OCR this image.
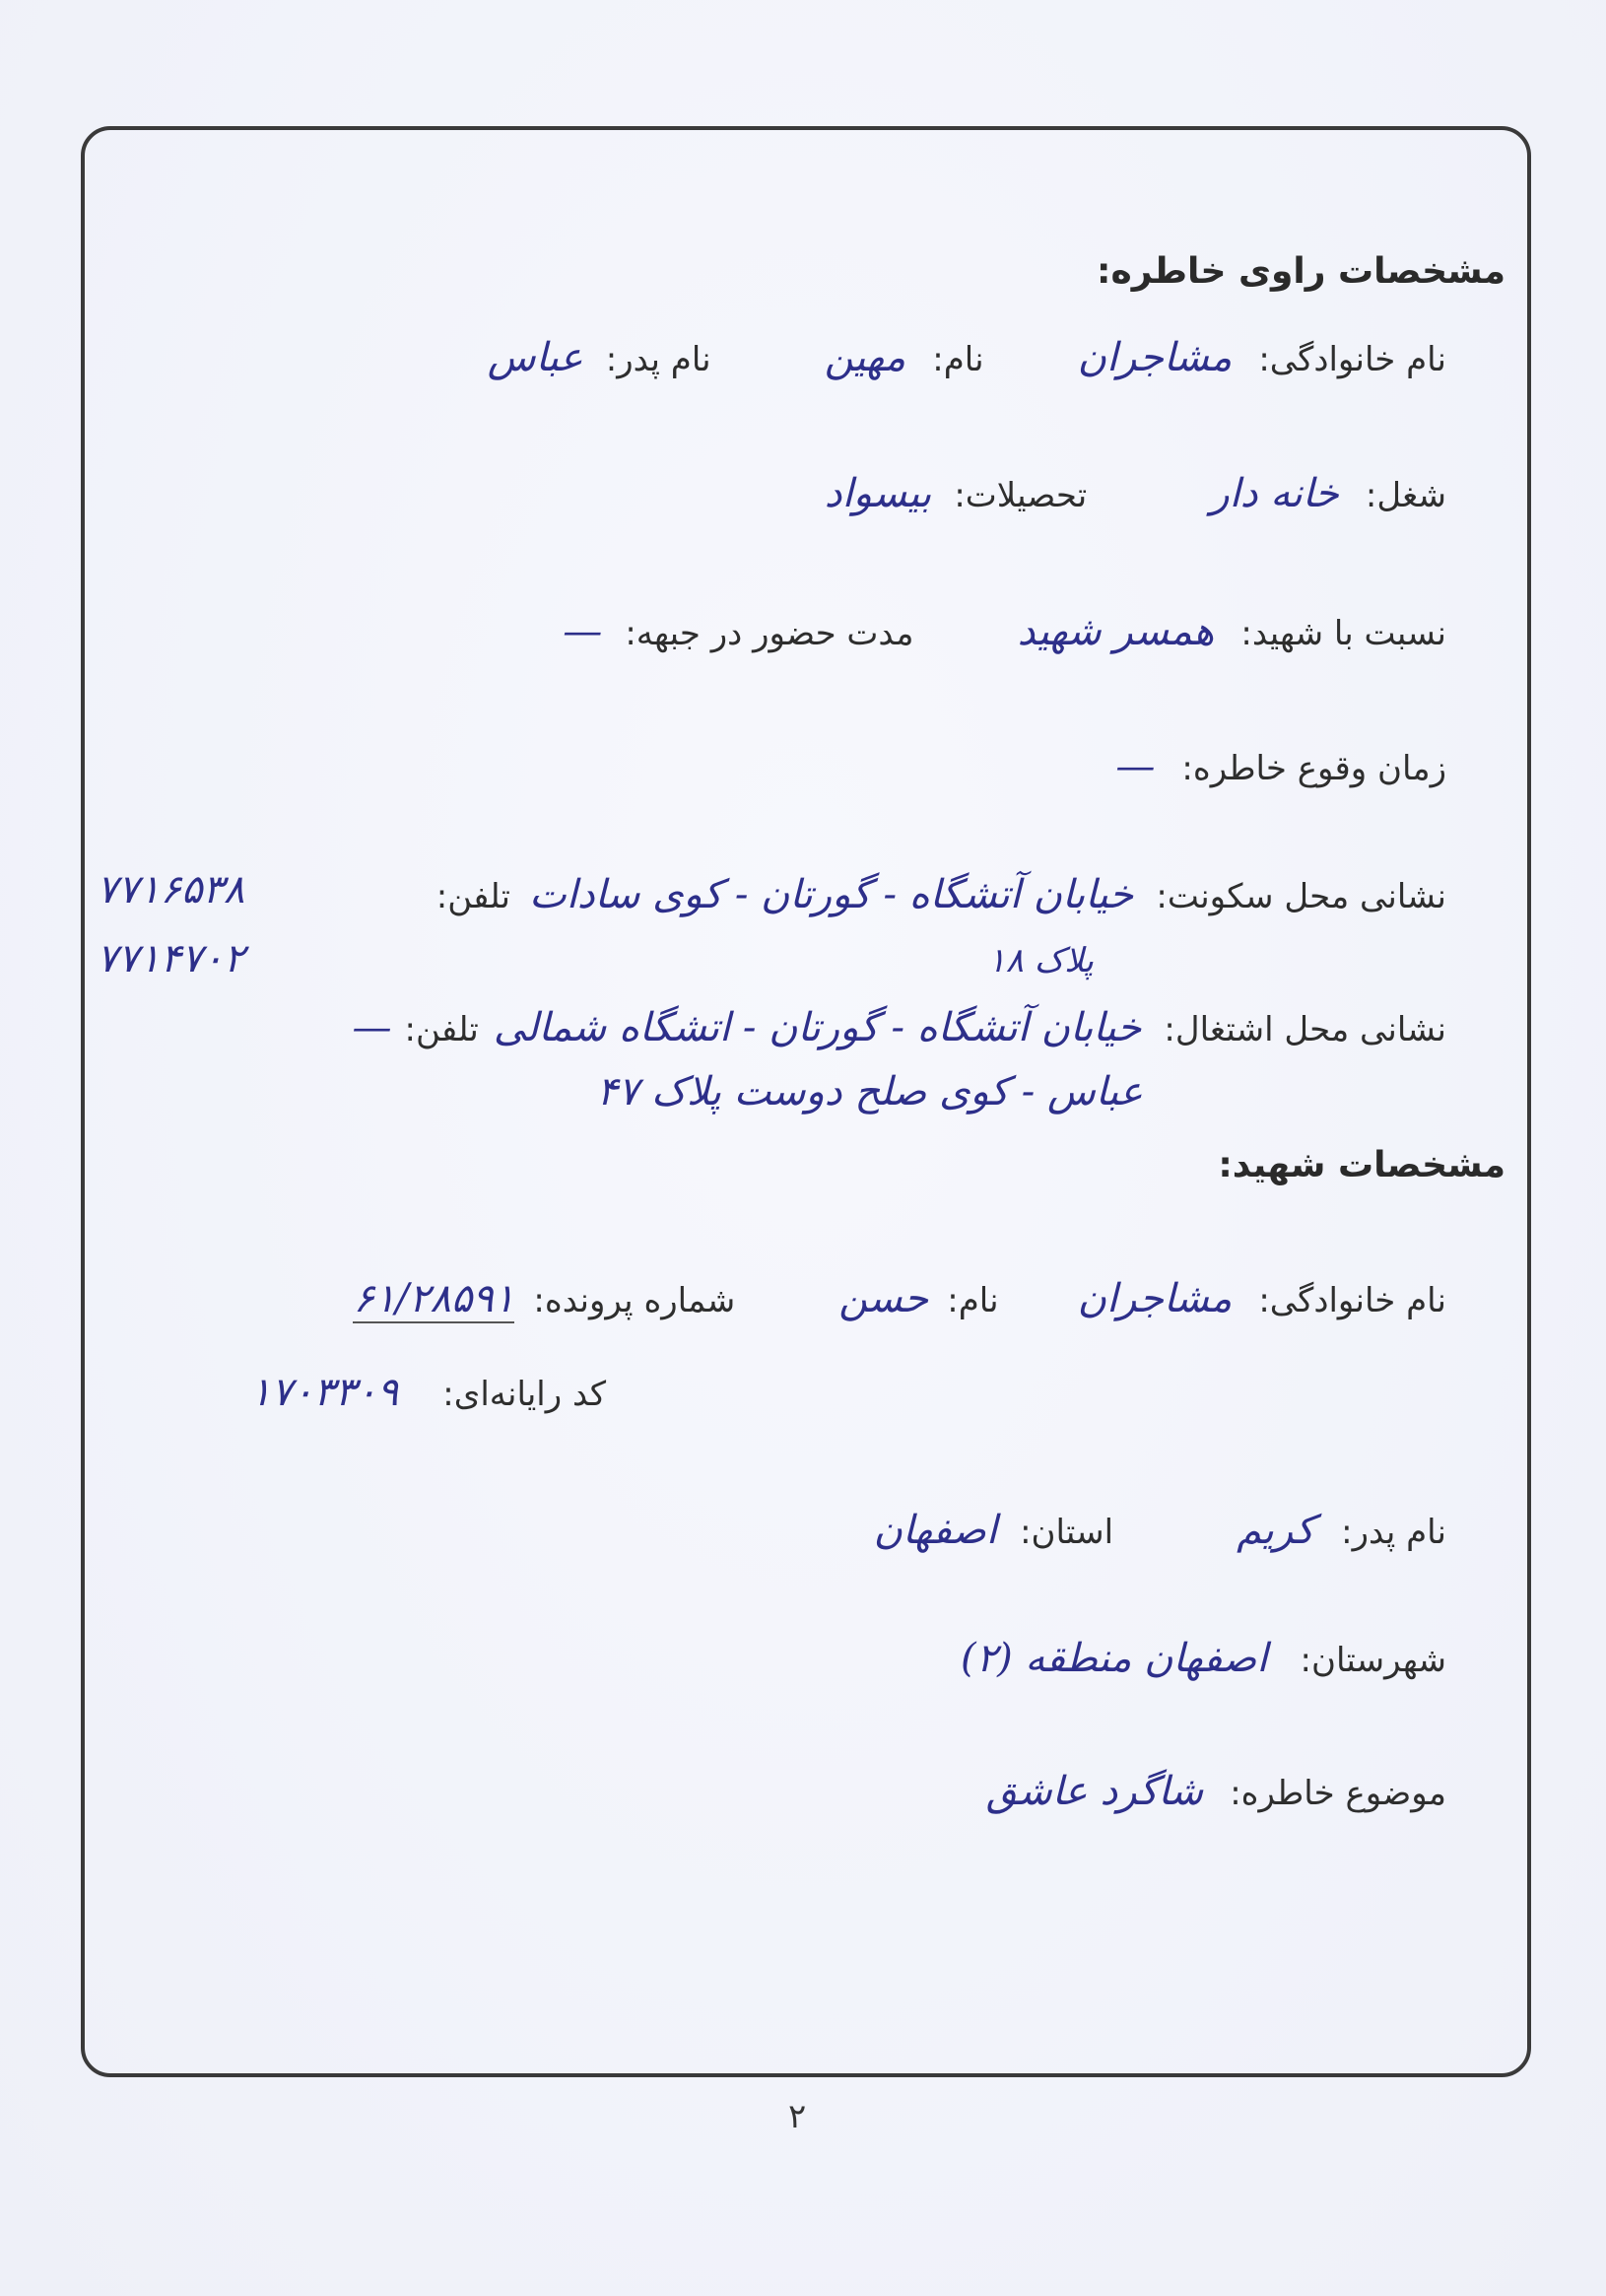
مشخصات راوی خاطره:
نام خانوادگی: مشاجران نام: مهین نام پدر: عباس
شغل: خانه دار تحصیلات: بیسواد
نسبت با شهید: همسر شهید مدت حضور در جبهه: —
زمان وقوع خاطره: —
نشانی محل سکونت: خیابان آتشگاه - گورتان - کوی سادات تلفن:
۷۷۱۶۵۳۸
۷۷۱۴۷۰۲	پلاک ۱۸
نشانی محل اشتغال: خیابان آتشگاه - گورتان - اتشگاه شمالی تلفن: —
عباس - کوی صلح دوست پلاک ۴۷
مشخصات شهید:
نام خانوادگی: مشاجران نام: حسن شماره پرونده: ۶۱/۲۸۵۹۱
کد رایانه‌ای: ۱۷۰۳۳۰۹
نام پدر: کریم استان: اصفهان
شهرستان: اصفهان منطقه (۲)
موضوع خاطره: شاگرد عاشق
۲
